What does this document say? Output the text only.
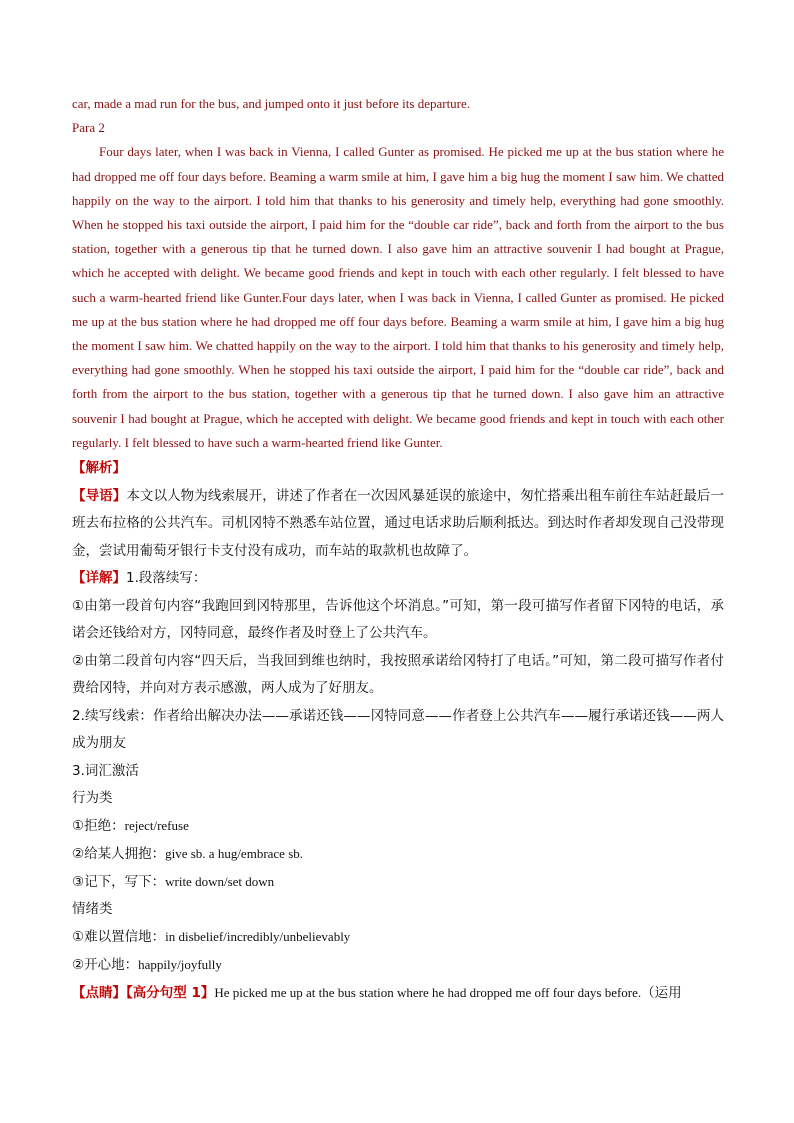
car, made a mad run for the bus, and jumped onto it just before its departure.

Para 2

Four days later, when I was back in Vienna, I called Gunter as promised. He picked me up at the bus station where he had dropped me off four days before. Beaming a warm smile at him, I gave him a big hug the moment I saw him. We chatted happily on the way to the airport. I told him that thanks to his generosity and timely help, everything had gone smoothly. When he stopped his taxi outside the airport, I paid him for the “double car ride”, back and forth from the airport to the bus station, together with a generous tip that he turned down. I also gave him an attractive souvenir I had bought at Prague, which he accepted with delight. We became good friends and kept in touch with each other regularly. I felt blessed to have such a warm-hearted friend like Gunter.Four days later, when I was back in Vienna, I called Gunter as promised. He picked me up at the bus station where he had dropped me off four days before. Beaming a warm smile at him, I gave him a big hug the moment I saw him. We chatted happily on the way to the airport. I told him that thanks to his generosity and timely help, everything had gone smoothly. When he stopped his taxi outside the airport, I paid him for the “double car ride”, back and forth from the airport to the bus station, together with a generous tip that he turned down. I also gave him an attractive souvenir I had bought at Prague, which he accepted with delight. We became good friends and kept in touch with each other regularly. I felt blessed to have such a warm-hearted friend like Gunter.

【解析】

【导语】本文以人物为线索展开，讲述了作者在一次因风暴延误的旅途中，匆忙搭乘出租车前往车站赶最后一班去布拉格的公共汽车。司机冈特不熟悉车站位置，通过电话求助后顺利抵达。到达时作者却发现自己没带现金，尝试用葡萄牙银行卡支付没有成功，而车站的取款机也故障了。

【详解】1.段落续写：

①由第一段首句内容“我跑回到冈特那里，告诉他这个坏消息。”可知，第一段可描写作者留下冈特的电话，承诺会还钱给对方，冈特同意，最终作者及时登上了公共汽车。

②由第二段首句内容“四天后，当我回到维也纳时，我按照承诺给冈特打了电话。”可知，第二段可描写作者付费给冈特，并向对方表示感激，两人成为了好朋友。

2.续写线索：作者给出解决办法——承诺还钱——冈特同意——作者登上公共汽车——履行承诺还钱——两人成为朋友

3.词汇激活

行为类

①拒绝：reject/refuse

②给某人拥抱：give sb. a hug/embrace sb.

③记下，写下：write down/set down

情绪类

①难以置信地：in disbelief/incredibly/unbelievably

②开心地：happily/joyfully

【点睛】【高分句型 1】He picked me up at the bus station where he had dropped me off four days before.（运用
